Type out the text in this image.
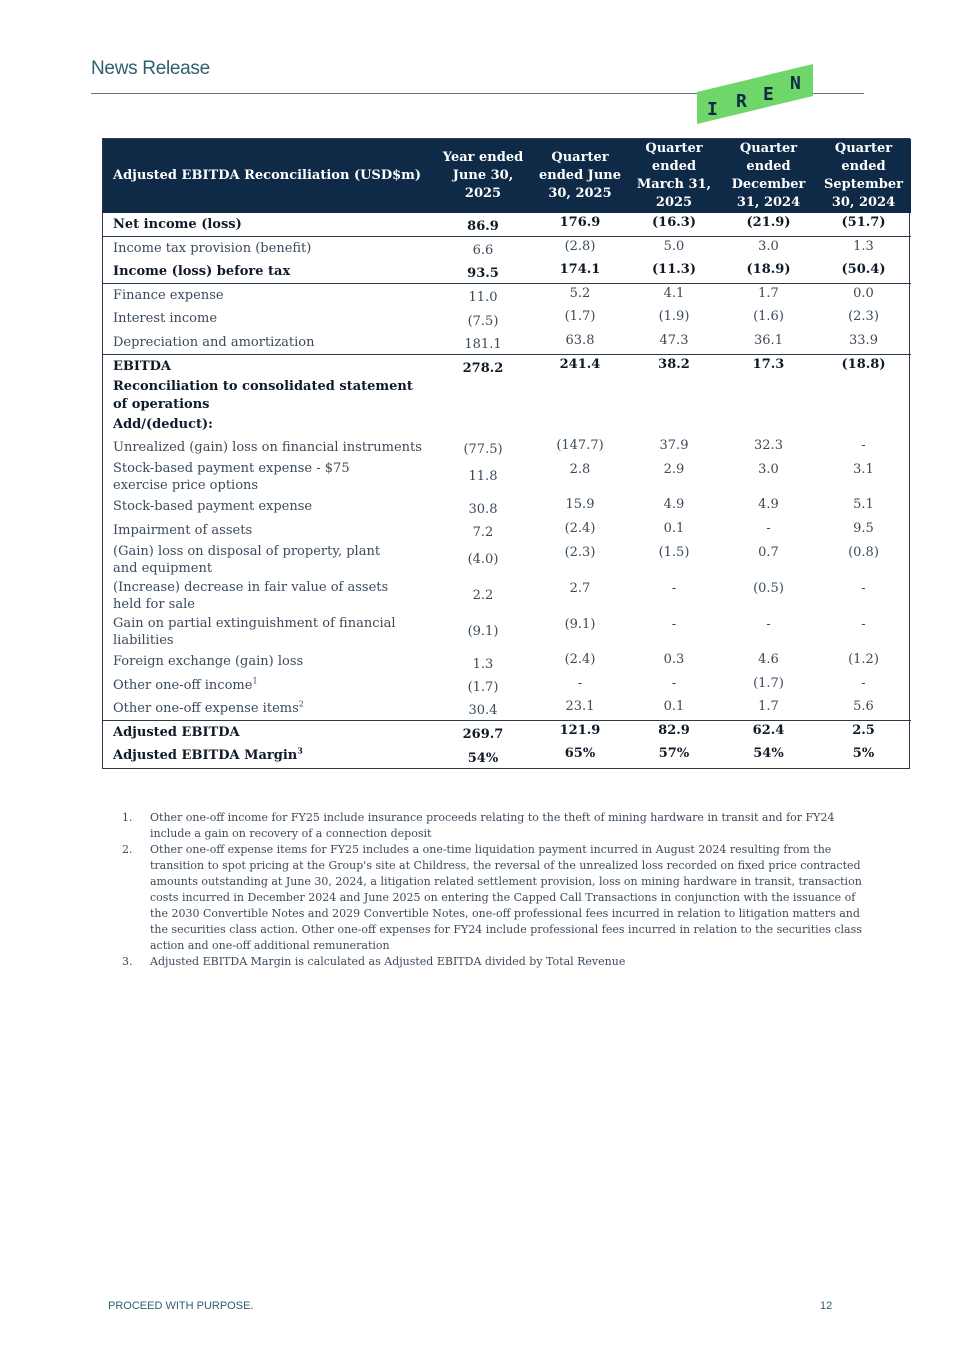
News Release
I R E
N
Adjusted EBITDA Reconciliation (USD$m)	Year ended June 30, 2025	Quarter ended June 30, 2025	Quarter ended March 31, 2025	Quarter ended December 31, 2024	Quarter ended September 30, 2024
Net income (loss)	86.9	176.9	(16.3)	(21.9)	(51.7)
Income tax provision (benefit)	6.6	(2.8)	5.0	3.0	1.3
Income (loss) before tax	93.5	174.1	(11.3)	(18.9)	(50.4)
Finance expense	11.0	5.2	4.1	1.7	0.0
Interest income	(7.5)	(1.7)	(1.9)	(1.6)	(2.3)
Depreciation and amortization	181.1	63.8	47.3	36.1	33.9
EBITDA	278.2	241.4	38.2	17.3	(18.8)
Reconciliation to consolidated statement of operations					
Add/(deduct):					
Unrealized (gain) loss on financial instruments	(77.5)	(147.7)	37.9	32.3	-
Stock-based payment expense - $75 exercise price options	11.8	2.8	2.9	3.0	3.1
Stock-based payment expense	30.8	15.9	4.9	4.9	5.1
Impairment of assets	7.2	(2.4)	0.1	-	9.5
(Gain) loss on disposal of property, plant and equipment	(4.0)	(2.3)	(1.5)	0.7	(0.8)
(Increase) decrease in fair value of assets held for sale	2.2	2.7	-	(0.5)	-
Gain on partial extinguishment of financial liabilities	(9.1)	(9.1)	-	-	-
Foreign exchange (gain) loss	1.3	(2.4)	0.3	4.6	(1.2)
Other one-off income$^1$	(1.7)	-	-	(1.7)	-
Other one-off expense items$^2$	30.4	23.1	0.1	1.7	5.6
Adjusted EBITDA	269.7	121.9	82.9	62.4	2.5
Adjusted EBITDA Margin$^3$	54%	65%	57%	54%	5%
1.	Other one-off income for FY25 include insurance proceeds relating to the theft of mining hardware in transit and for FY24 include a gain on recovery of a connection deposit
2.	Other one-off expense items for FY25 includes a one-time liquidation payment incurred in August 2024 resulting from the transition to spot pricing at the Group's site at Childress, the reversal of the unrealized loss recorded on fixed price contracted amounts outstanding at June 30, 2024, a litigation related settlement provision, loss on mining hardware in transit, transaction costs incurred in December 2024 and June 2025 on entering the Capped Call Transactions in conjunction with the issuance of the 2030 Convertible Notes and 2029 Convertible Notes, one-off professional fees incurred in relation to litigation matters and the securities class action. Other one-off expenses for FY24 include professional fees incurred in relation to the securities class action and one-off additional remuneration
3.	Adjusted EBITDA Margin is calculated as Adjusted EBITDA divided by Total Revenue
PROCEED WITH PURPOSE.	12
